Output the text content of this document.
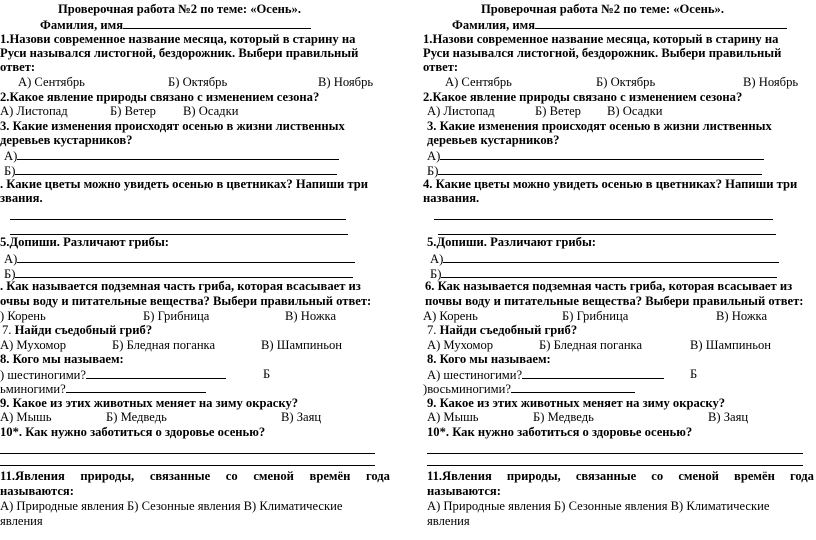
Проверочная работа №2 по теме: «Осень».
Фамилия, имя
1.Назови современное название месяца, который в старину на
Руси назывался листогной, бездорожник. Выбери правильный
ответ:
А) Сентябрь	Б) Октябрь	В) Ноябрь
2.Какое явление природы связано с изменением сезона?
А) Листопад	Б) Ветер В) Осадки
3. Какие изменения происходят осенью в жизни лиственных
деревьев кустарников?
А)
Б)
. Какие цветы можно увидеть осенью в цветниках? Напиши три
звания.
5.Допиши. Различают грибы:
А)
Б)
. Как называется подземная часть гриба, которая всасывает из
очвы воду и питательные вещества? Выбери правильный ответ:
) Корень	Б) Грибница	В) Ножка
7. Найди съедобный гриб?
А) Мухомор	Б) Бледная поганка	В) Шампиньон
8. Кого мы называем:
) шестиногими?	Б
ьминогими?
9. Какое из этих животных меняет на зиму окраску?
А) Мышь	Б) Медведь	В) Заяц
10*. Как нужно заботиться о здоровье осенью?
11.Явления природы, связанные со сменой времён года
называются:
А) Природные явления Б) Сезонные явления В) Климатические
явления
Проверочная работа №2 по теме: «Осень».
Фамилия, имя
1.Назови современное название месяца, который в старину на
Руси назывался листогной, бездорожник. Выбери правильный
ответ:
А) Сентябрь	Б) Октябрь	В) Ноябрь
2.Какое явление природы связано с изменением сезона?
А) Листопад	Б) Ветер В) Осадки
3. Какие изменения происходят осенью в жизни лиственных
деревьев кустарников?
А)
Б)
4. Какие цветы можно увидеть осенью в цветниках? Напиши три
названия.
5.Допиши. Различают грибы:
А)
Б)
6. Как называется подземная часть гриба, которая всасывает из
почвы воду и питательные вещества? Выбери правильный ответ:
А) Корень	Б) Грибница	В) Ножка
7. Найди съедобный гриб?
А) Мухомор	Б) Бледная поганка	В) Шампиньон
8. Кого мы называем:
А) шестиногими?	Б
)восьминогими?
9. Какое из этих животных меняет на зиму окраску?
А) Мышь	Б) Медведь	В) Заяц
10*. Как нужно заботиться о здоровье осенью?
11.Явления природы, связанные со сменой времён года
называются:
А) Природные явления Б) Сезонные явления В) Климатические
явления
